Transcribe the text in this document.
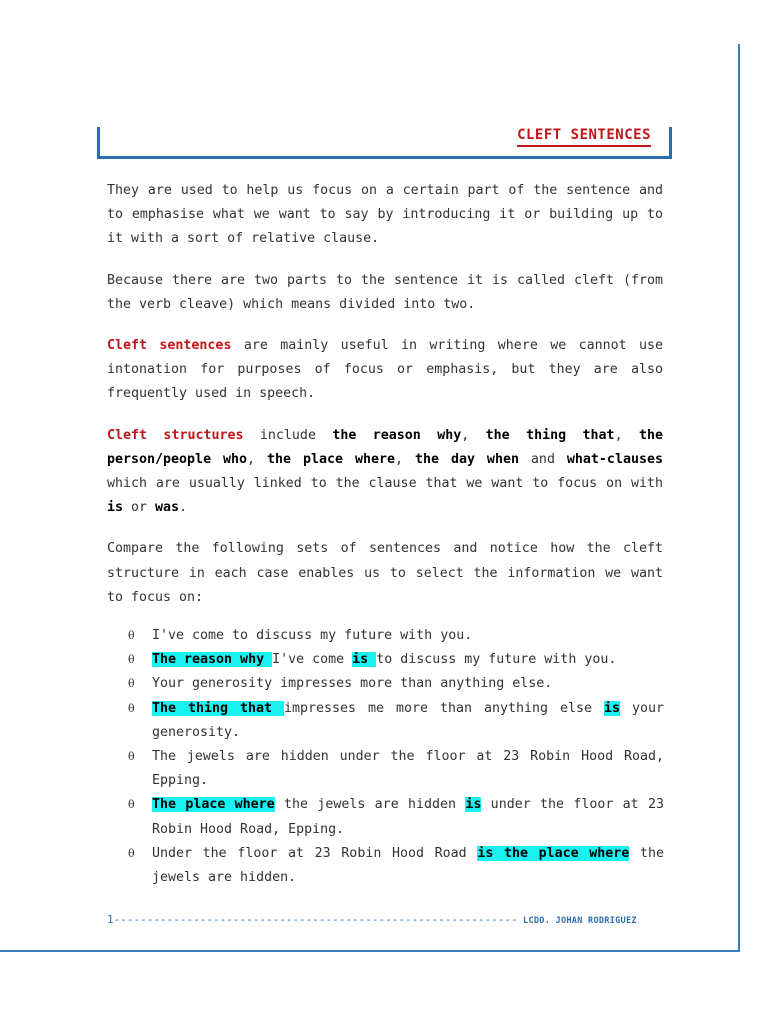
CLEFT SENTENCES

They are used to help us focus on a certain part of the sentence and to emphasise what we want to say by introducing it or building up to it with a sort of relative clause.

Because there are two parts to the sentence it is called cleft (from the verb cleave) which means divided into two.

Cleft sentences are mainly useful in writing where we cannot use intonation for purposes of focus or emphasis, but they are also frequently used in speech.

Cleft structures include the reason why, the thing that, the person/people who, the place where, the day when and what-clauses which are usually linked to the clause that we want to focus on with is or was.

Compare the following sets of sentences and notice how the cleft structure in each case enables us to select the information we want to focus on:

θ I've come to discuss my future with you.
θ The reason why I've come is to discuss my future with you.
θ Your generosity impresses more than anything else.
θ The thing that impresses me more than anything else is your generosity.
θ The jewels are hidden under the floor at 23 Robin Hood Road, Epping.
θ The place where the jewels are hidden is under the floor at 23 Robin Hood Road, Epping.
θ Under the floor at 23 Robin Hood Road is the place where the jewels are hidden.
1------------------------------------------------------------- LCDO. JOHAN RODRIGUEZ
